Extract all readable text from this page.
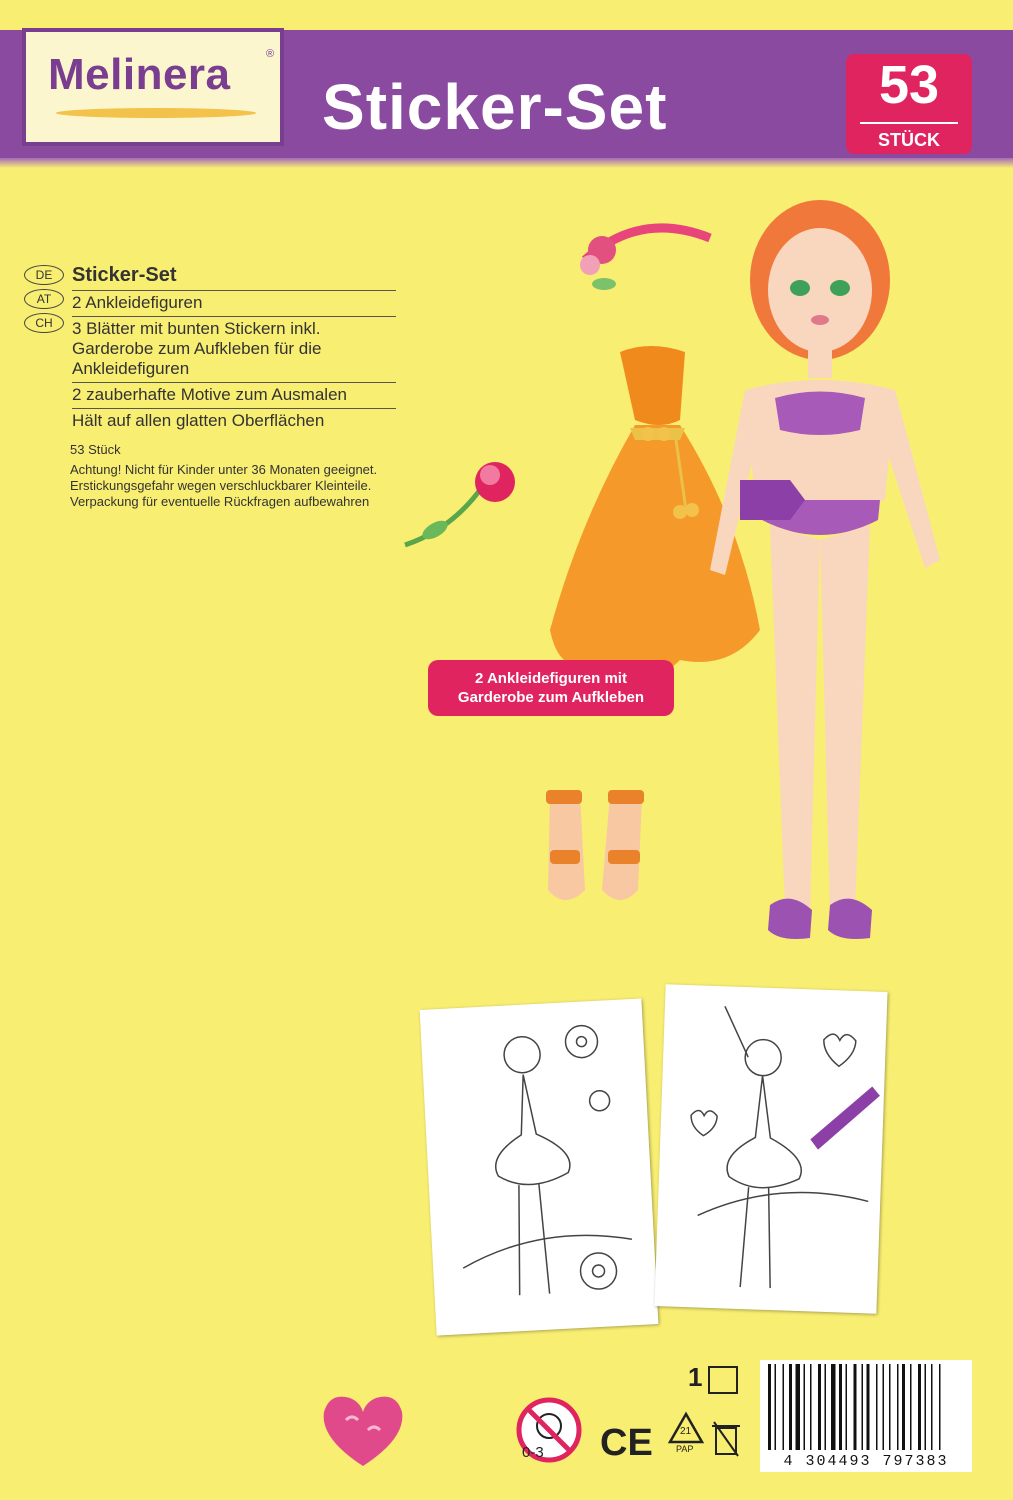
Melinera	®
Sticker-Set	53
STÜCK
DE
AT
CH
Sticker-Set
2 Ankleidefiguren
3 Blätter mit bunten Stickern inkl. Garderobe zum Aufkleben für die Ankleidefiguren
2 zauberhafte Motive zum Ausmalen
Hält auf allen glatten Oberflächen
53 Stück
Achtung! Nicht für Kinder unter 36 Monaten geeignet. Erstickungsgefahr wegen verschluckbarer Kleinteile.
Verpackung für eventuelle Rückfragen aufbewahren
2 Ankleidefiguren mit
Garderobe zum Aufkleben
1
0-3 CE	21
PAP
4 304493 797383
